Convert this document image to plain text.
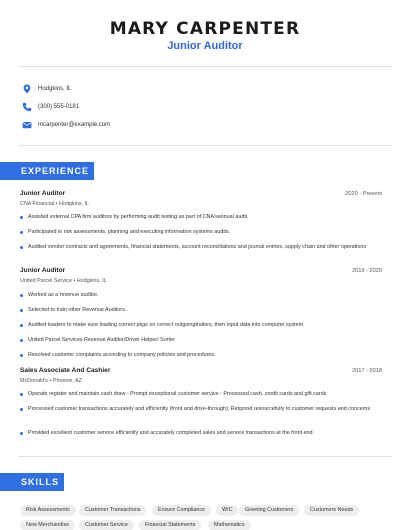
MARY CARPENTER
Junior Auditor
Hodgkins, IL
(300) 555-0181
mcarpenter@example.com
EXPERIENCE
Junior Auditor	2020 - Present
CNA Financial • Hodgkins, IL
Assisted external CPA firm auditors by performing audit testing as part of CNA'sannual audit.
Participated in risk assessments, planning and executing information systems audits.
Audited vendor contracts and agreements, financial statements, account reconciliations and journal entries, supply chain and other operations
Junior Auditor	2019 - 2020
United Parcel Service • Hodgkins, IL
Worked as a revenue auditor.
Selected to train other Revenue Auditors.
Audited loaders to make sure loading correct pkgs on correct outgoingtrailers, then input data into computer system
United Parcel Services Revenue Auditor/Driver Helper/ Sorter
Resolved customer complaints according to company policies and procedures.
Sales Associate And Cashier	2017 - 2018
McDonald's • Phoenix, AZ
Operate register and maintain cash draw - Prompt exceptional customer service - Processed cash, credit cards and gift cards
Processed customer transactions accurately and efficiently (front and drive-through); Respond resourcefully to customer requests and concerns
Provided excellent customer service efficiently and accurately completed sales and service transactions at the front end.
SKILLS
Risk Assessments	Customer Transactions	Ensure Compliance	WIC	Greeting Customers	Customers Needs
New Merchandise	Customer Service	Financial Statements	Mathematics
